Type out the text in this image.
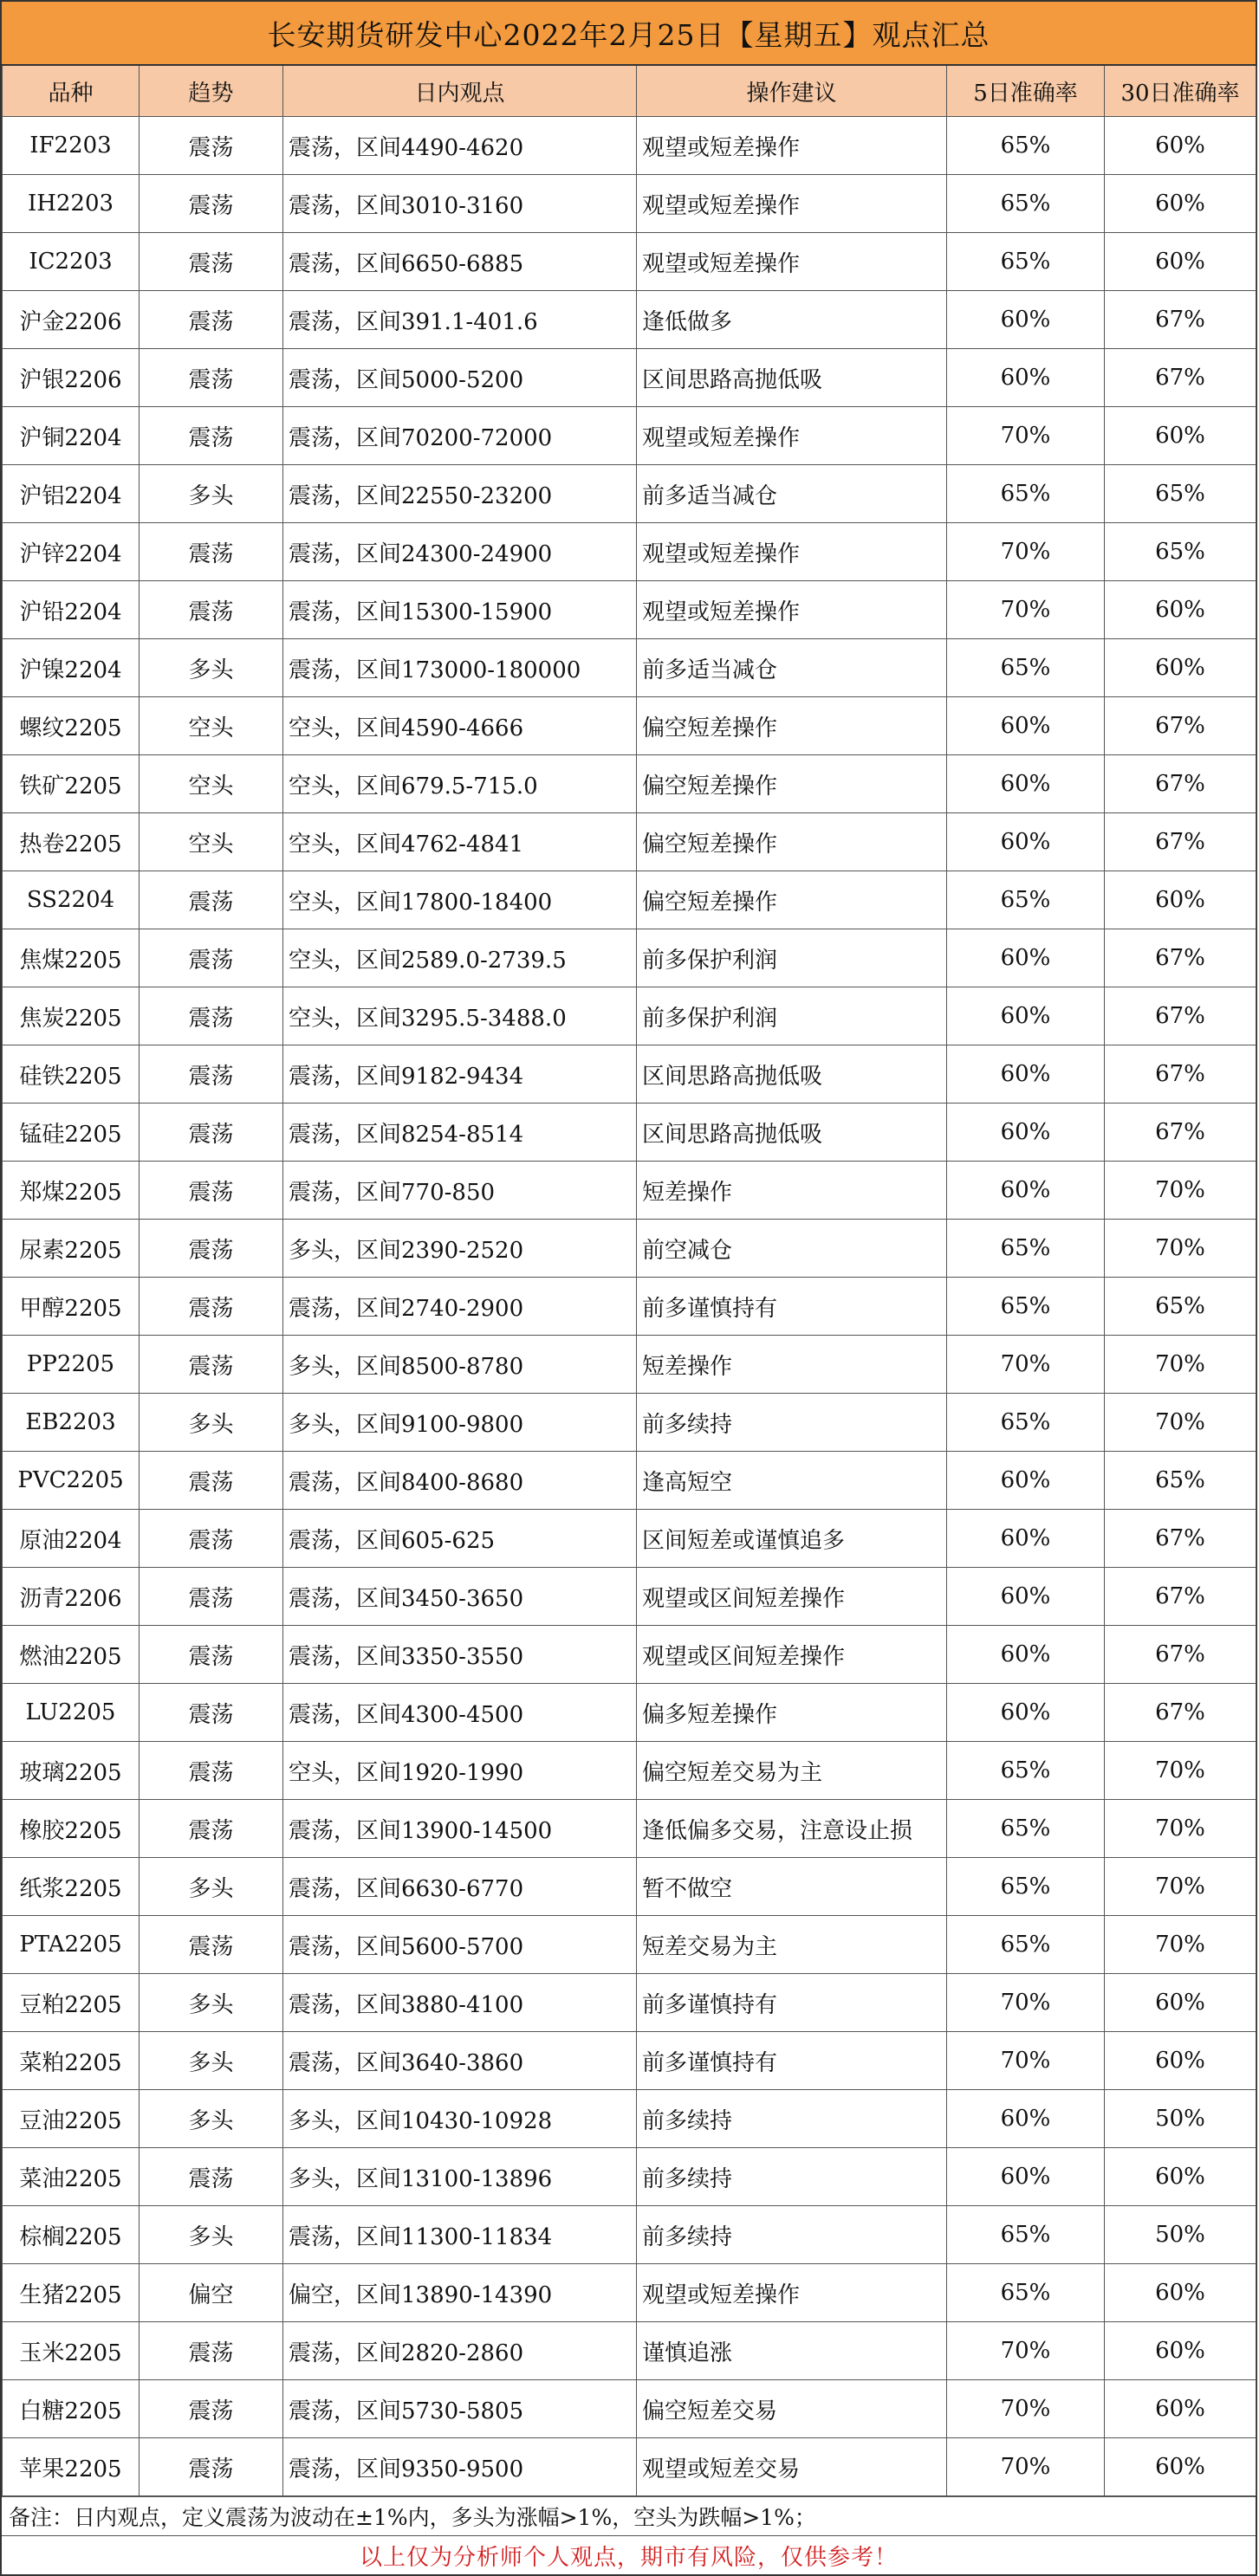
长安期货研发中心2022年2月25日【星期五】观点汇总
品种	趋势	日内观点	操作建议	5日准确率	30日准确率
IF2203	震荡	震荡，区间4490-4620	观望或短差操作	65%	60%
IH2203	震荡	震荡，区间3010-3160	观望或短差操作	65%	60%
IC2203	震荡	震荡，区间6650-6885	观望或短差操作	65%	60%
沪金2206	震荡	震荡，区间391.1-401.6	逢低做多	60%	67%
沪银2206	震荡	震荡，区间5000-5200	区间思路高抛低吸	60%	67%
沪铜2204	震荡	震荡，区间70200-72000	观望或短差操作	70%	60%
沪铝2204	多头	震荡，区间22550-23200	前多适当减仓	65%	65%
沪锌2204	震荡	震荡，区间24300-24900	观望或短差操作	70%	65%
沪铅2204	震荡	震荡，区间15300-15900	观望或短差操作	70%	60%
沪镍2204	多头	震荡，区间173000-180000	前多适当减仓	65%	60%
螺纹2205	空头	空头，区间4590-4666	偏空短差操作	60%	67%
铁矿2205	空头	空头，区间679.5-715.0	偏空短差操作	60%	67%
热卷2205	空头	空头，区间4762-4841	偏空短差操作	60%	67%
SS2204	震荡	空头，区间17800-18400	偏空短差操作	65%	60%
焦煤2205	震荡	空头，区间2589.0-2739.5	前多保护利润	60%	67%
焦炭2205	震荡	空头，区间3295.5-3488.0	前多保护利润	60%	67%
硅铁2205	震荡	震荡，区间9182-9434	区间思路高抛低吸	60%	67%
锰硅2205	震荡	震荡，区间8254-8514	区间思路高抛低吸	60%	67%
郑煤2205	震荡	震荡，区间770-850	短差操作	60%	70%
尿素2205	震荡	多头，区间2390-2520	前空减仓	65%	70%
甲醇2205	震荡	震荡，区间2740-2900	前多谨慎持有	65%	65%
PP2205	震荡	多头，区间8500-8780	短差操作	70%	70%
EB2203	多头	多头，区间9100-9800	前多续持	65%	70%
PVC2205	震荡	震荡，区间8400-8680	逢高短空	60%	65%
原油2204	震荡	震荡，区间605-625	区间短差或谨慎追多	60%	67%
沥青2206	震荡	震荡，区间3450-3650	观望或区间短差操作	60%	67%
燃油2205	震荡	震荡，区间3350-3550	观望或区间短差操作	60%	67%
LU2205	震荡	震荡，区间4300-4500	偏多短差操作	60%	67%
玻璃2205	震荡	空头，区间1920-1990	偏空短差交易为主	65%	70%
橡胶2205	震荡	震荡，区间13900-14500	逢低偏多交易，注意设止损	65%	70%
纸浆2205	多头	震荡，区间6630-6770	暂不做空	65%	70%
PTA2205	震荡	震荡，区间5600-5700	短差交易为主	65%	70%
豆粕2205	多头	震荡，区间3880-4100	前多谨慎持有	70%	60%
菜粕2205	多头	震荡，区间3640-3860	前多谨慎持有	70%	60%
豆油2205	多头	多头，区间10430-10928	前多续持	60%	50%
菜油2205	震荡	多头，区间13100-13896	前多续持	60%	60%
棕榈2205	多头	震荡，区间11300-11834	前多续持	65%	50%
生猪2205	偏空	偏空，区间13890-14390	观望或短差操作	65%	60%
玉米2205	震荡	震荡，区间2820-2860	谨慎追涨	70%	60%
白糖2205	震荡	震荡，区间5730-5805	偏空短差交易	70%	60%
苹果2205	震荡	震荡，区间9350-9500	观望或短差交易	70%	60%
备注：日内观点，定义震荡为波动在±1%内，多头为涨幅>1%，空头为跌幅>1%；
以上仅为分析师个人观点，期市有风险，仅供参考！
